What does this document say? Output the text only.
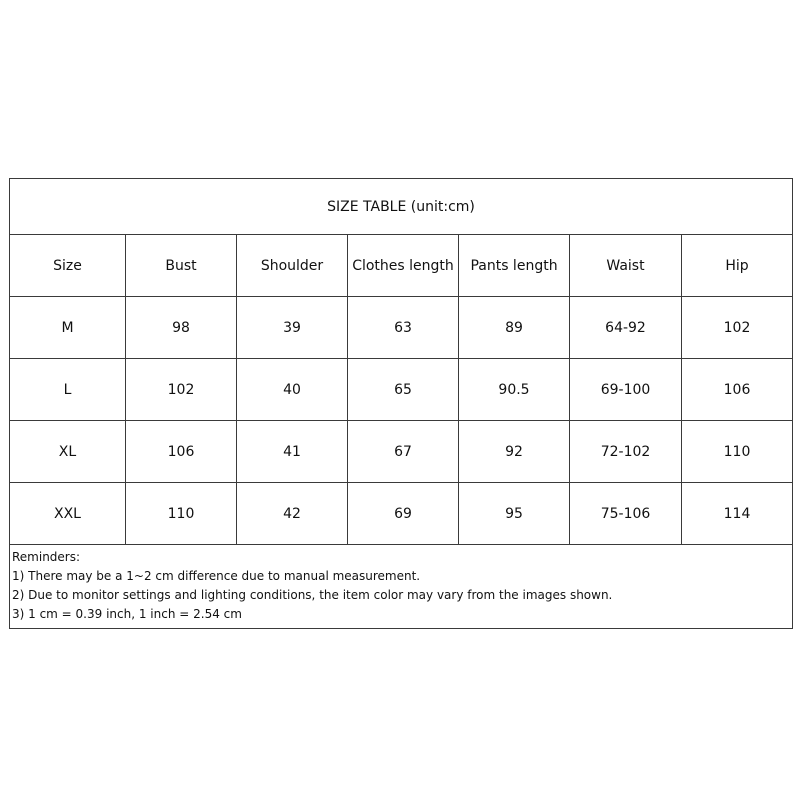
SIZE TABLE (unit:cm)						
Size	Bust	Shoulder	Clothes length	Pants length	Waist	Hip
M	98	39	63	89	64-92	102
L	102	40	65	90.5	69-100	106
XL	106	41	67	92	72-102	110
XXL	110	42	69	95	75-106	114

Reminders:
1) There may be a 1~2 cm difference due to manual measurement.
2) Due to monitor settings and lighting conditions, the item color may vary from the images shown.
3) 1 cm = 0.39 inch, 1 inch = 2.54 cm						
